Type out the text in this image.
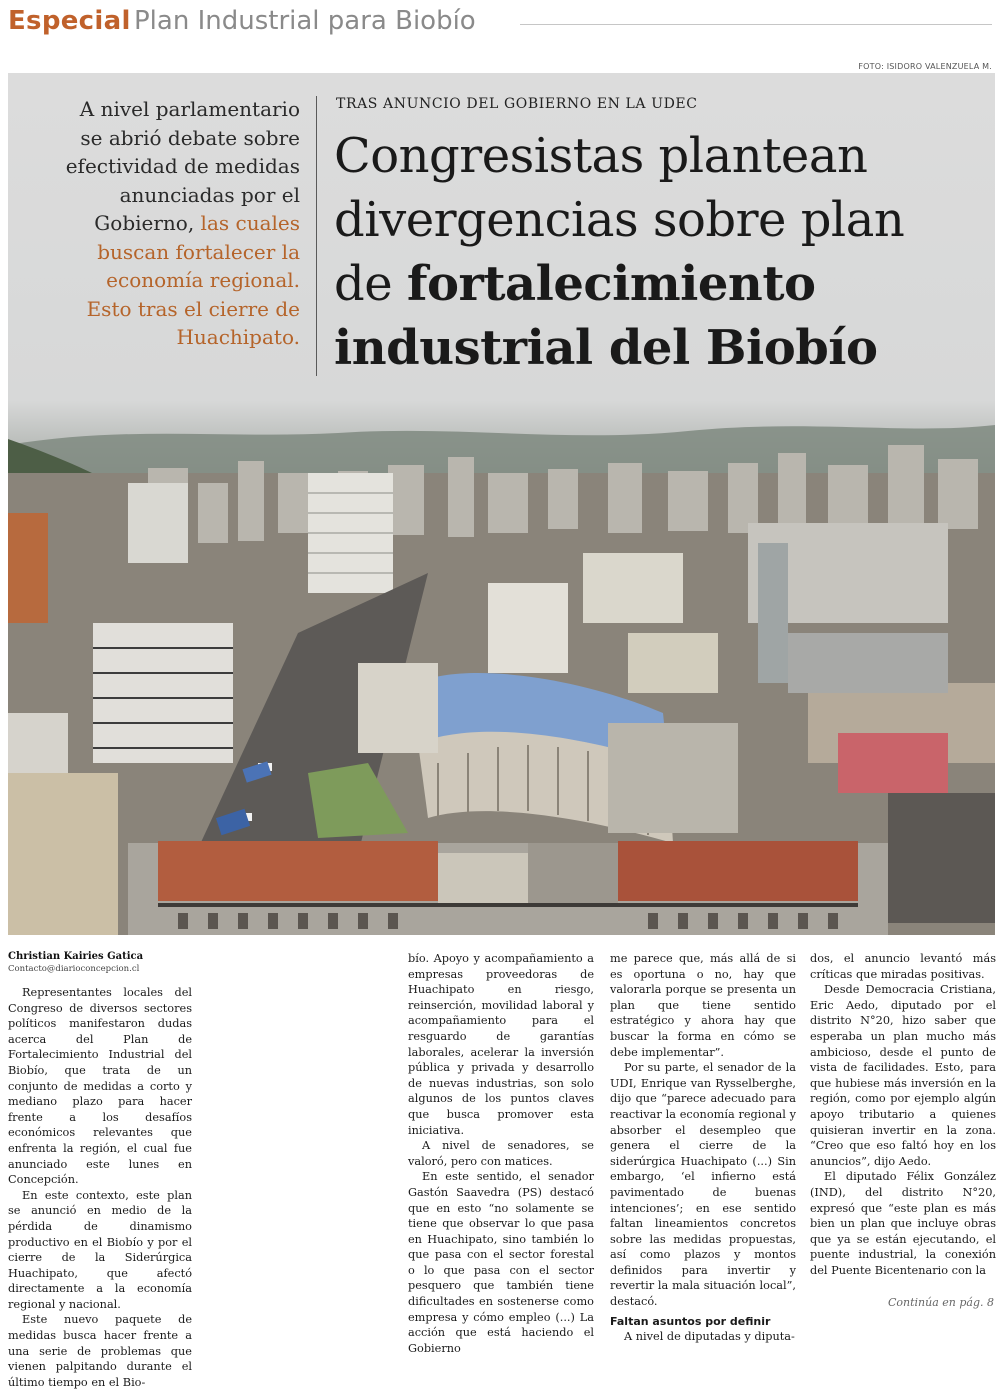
Especial Plan Industrial para Biobío
FOTO: ISIDORO VALENZUELA M.
A nivel parlamentario se abrió debate sobre efectividad de medidas anunciadas por el Gobierno, las cuales buscan fortalecer la economía regional. Esto tras el cierre de Huachipato.
TRAS ANUNCIO DEL GOBIERNO EN LA UDEC
Congresistas plantean
divergencias sobre plan
de fortalecimiento
industrial del Biobío
Christian Kairies Gatica
Contacto@diarioconcepcion.cl

Representantes locales del Congreso de diversos sectores políticos manifestaron dudas acerca del Plan de Fortalecimiento Industrial del Biobío, que trata de un conjunto de medidas a corto y mediano plazo para hacer frente a los desafíos económicos relevantes que enfrenta la región, el cual fue anunciado este lunes en Concepción.

En este contexto, este plan se anunció en medio de la pérdida de dinamismo productivo en el Biobío y por el cierre de la Siderúrgica Huachipato, que afectó directamente a la economía regional y nacional.

Este nuevo paquete de medidas busca hacer frente a una serie de problemas que vienen palpitando durante el último tiempo en el Bio-

bío. Apoyo y acompañamiento a empresas proveedoras de Huachipato en riesgo, reinserción, movilidad laboral y acompañamiento para el resguardo de garantías laborales, acelerar la inversión pública y privada y desarrollo de nuevas industrias, son solo algunos de los puntos claves que busca promover esta iniciativa.

A nivel de senadores, se valoró, pero con matices.

En este sentido, el senador Gastón Saavedra (PS) destacó que en esto “no solamente se tiene que observar lo que pasa en Huachipato, sino también lo que pasa con el sector forestal o lo que pasa con el sector pesquero que también tiene dificultades en sostenerse como empresa y cómo empleo (...) La acción que está haciendo el Gobierno

me parece que, más allá de si es oportuna o no, hay que valorarla porque se presenta un plan que tiene sentido estratégico y ahora hay que buscar la forma en cómo se debe implementar”.

Por su parte, el senador de la UDI, Enrique van Rysselberghe, dijo que “parece adecuado para reactivar la economía regional y absorber el desempleo que genera el cierre de la siderúrgica Huachipato (...) Sin embargo, ‘el infierno está pavimentado de buenas intenciones’; en ese sentido faltan lineamientos concretos sobre las medidas propuestas, así como plazos y montos definidos para invertir y revertir la mala situación local”, destacó.

Faltan asuntos por definir

A nivel de diputadas y diputa-

dos, el anuncio levantó más críticas que miradas positivas.

Desde Democracia Cristiana, Eric Aedo, diputado por el distrito N°20, hizo saber que esperaba un plan mucho más ambicioso, desde el punto de vista de facilidades. Esto, para que hubiese más inversión en la región, como por ejemplo algún apoyo tributario a quienes quisieran invertir en la zona. “Creo que eso faltó hoy en los anuncios”, dijo Aedo.

El diputado Félix González (IND), del distrito N°20, expresó que “este plan es más bien un plan que incluye obras que ya se están ejecutando, el puente industrial, la conexión del Puente Bicentenario con la

Continúa en pág. 8
